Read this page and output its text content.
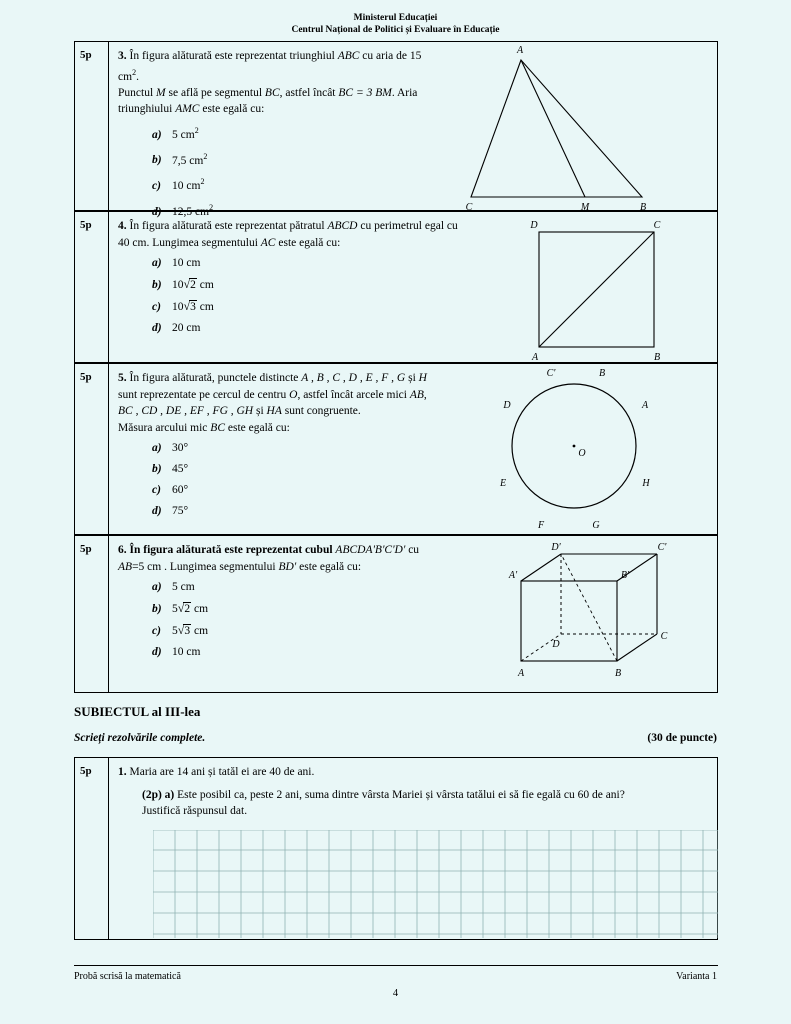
Ministerul Educației
Centrul Național de Politici și Evaluare în Educație
5p	3. În figura alăturată este reprezentat triunghiul ABC cu aria de 15 $cm^2$.
Punctul M se află pe segmentul BC, astfel încât BC = 3 BM. Aria triunghiului AMC este egală cu:
a) 5 $cm^2$
b) 7,5 $cm^2$
c) 10 $cm^2$
d) 12,5 $cm^2$
A
C	M	B
5p	4. În figura alăturată este reprezentat pătratul ABCD cu perimetrul egal cu
40 cm. Lungimea segmentului AC este egală cu:
a) 10 cm
b) 10√2 cm
c) 10√3 cm
d) 20 cm
D	C
A	B
5p	5. În figura alăturată, punctele distincte A , B , C , D , E , F , G și H
sunt reprezentate pe cercul de centru O, astfel încât arcele mici AB,
BC , CD , DE , EF , FG , GH și HA sunt congruente.
Măsura arcului mic BC este egală cu:
a) 30°
b) 45°
c) 60°
d) 75°
C'	B
D	A
E
O
H
F	G
5p	6. În figura alăturată este reprezentat cubul ABCDA'B'C'D' cu
AB=5 cm . Lungimea segmentului BD' este egală cu:
a) 5 cm
b) 5√2 cm
c) 5√3 cm
d) 10 cm
D'	C'
A'	B'
D
C
A	B
SUBIECTUL al III-lea
Scrieți rezolvările complete.	(30 de puncte)
5p	1. Maria are 14 ani și tatăl ei are 40 de ani.
(2p) a) Este posibil ca, peste 2 ani, suma dintre vârsta Mariei și vârsta tatălui ei să fie egală cu 60 de ani?
Justifică răspunsul dat.
Probă scrisă la matematică	Varianta 1
4
